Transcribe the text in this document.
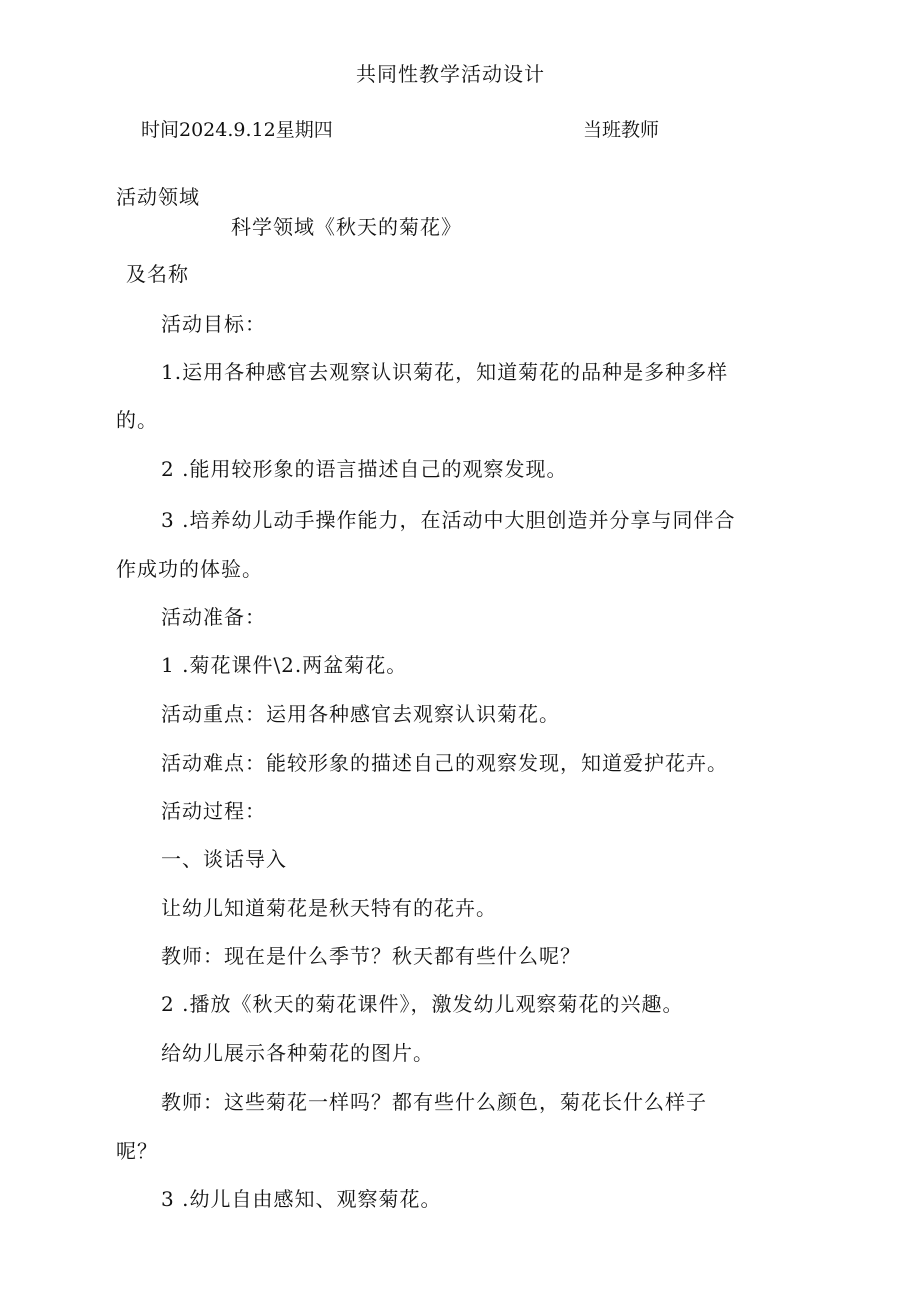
共同性教学活动设计
时间2024.9.12星期四	当班教师
活动领域
科学领域《秋天的菊花》
及名称
活动目标：
1.运用各种感官去观察认识菊花，知道菊花的品种是多种多样
的。
2 .能用较形象的语言描述自己的观察发现。
3 .培养幼儿动手操作能力，在活动中大胆创造并分享与同伴合
作成功的体验。
活动准备：
1 .菊花课件\2.两盆菊花。
活动重点：运用各种感官去观察认识菊花。
活动难点：能较形象的描述自己的观察发现，知道爱护花卉。
活动过程：
一、谈话导入
让幼儿知道菊花是秋天特有的花卉。
教师：现在是什么季节？秋天都有些什么呢？
2 .播放《秋天的菊花课件》，激发幼儿观察菊花的兴趣。
给幼儿展示各种菊花的图片。
教师：这些菊花一样吗？都有些什么颜色，菊花长什么样子
呢？
3 .幼儿自由感知、观察菊花。
